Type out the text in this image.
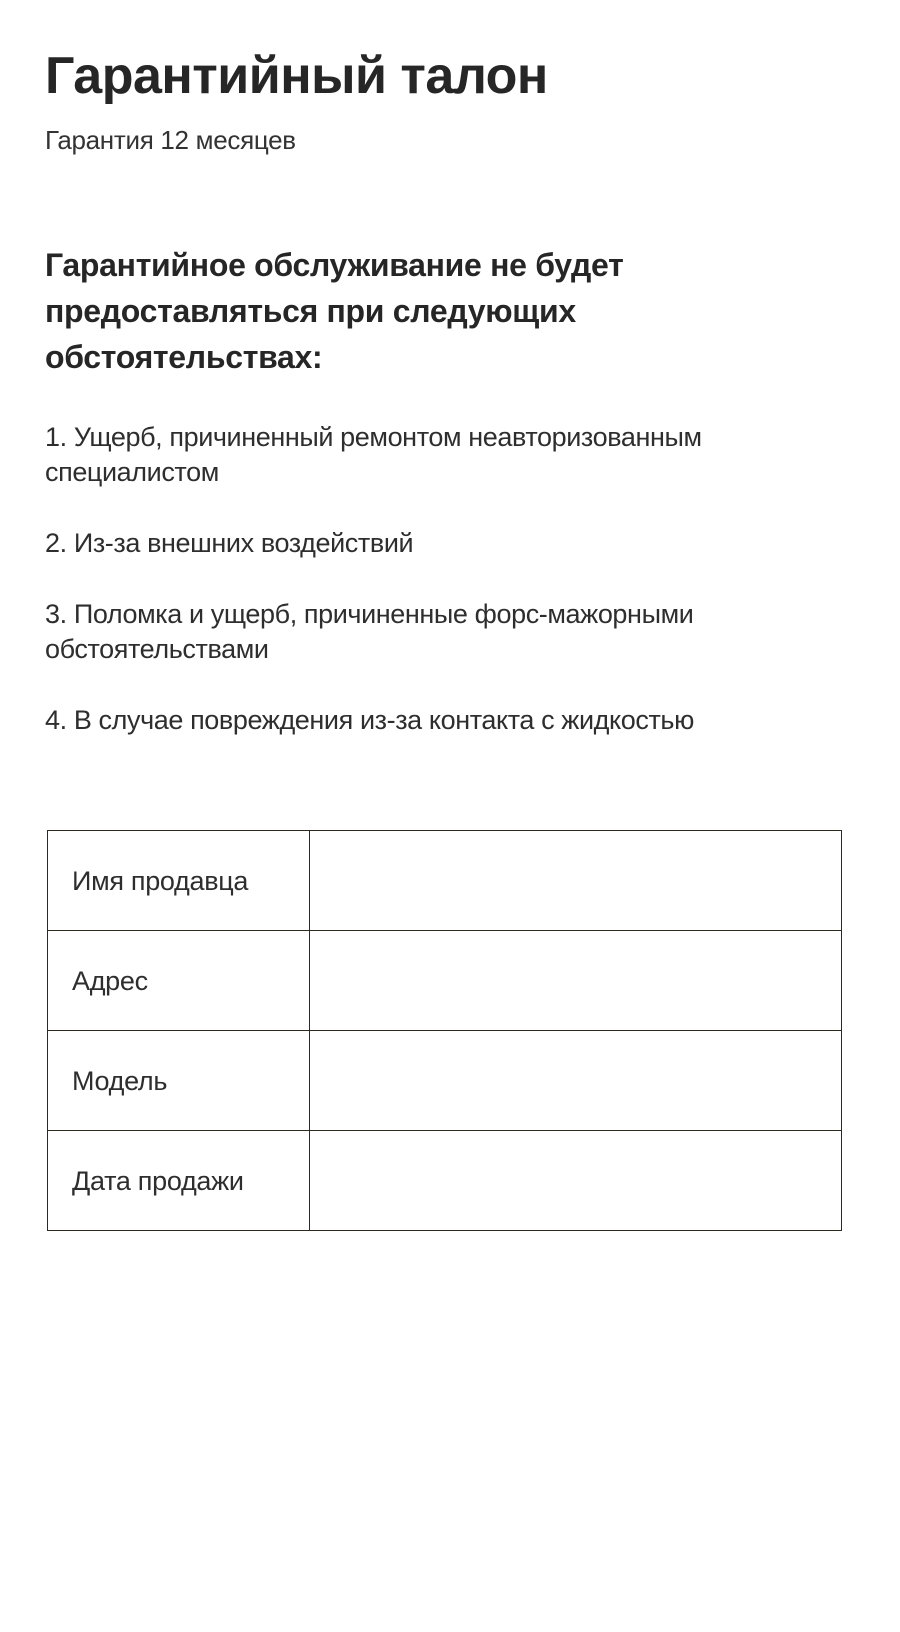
Гарантийный талон

Гарантия 12 месяцев

Гарантийное обслуживание не будет предоставляться при следующих обстоятельствах:
1. Ущерб, причиненный ремонтом неавторизованным специалистом
2. Из-за внешних воздействий
3. Поломка и ущерб, причиненные форс-мажорными обстоятельствами
4. В случае повреждения из-за контакта с жидкостью
Имя продавца	
Адрес	
Модель	
Дата продажи	
